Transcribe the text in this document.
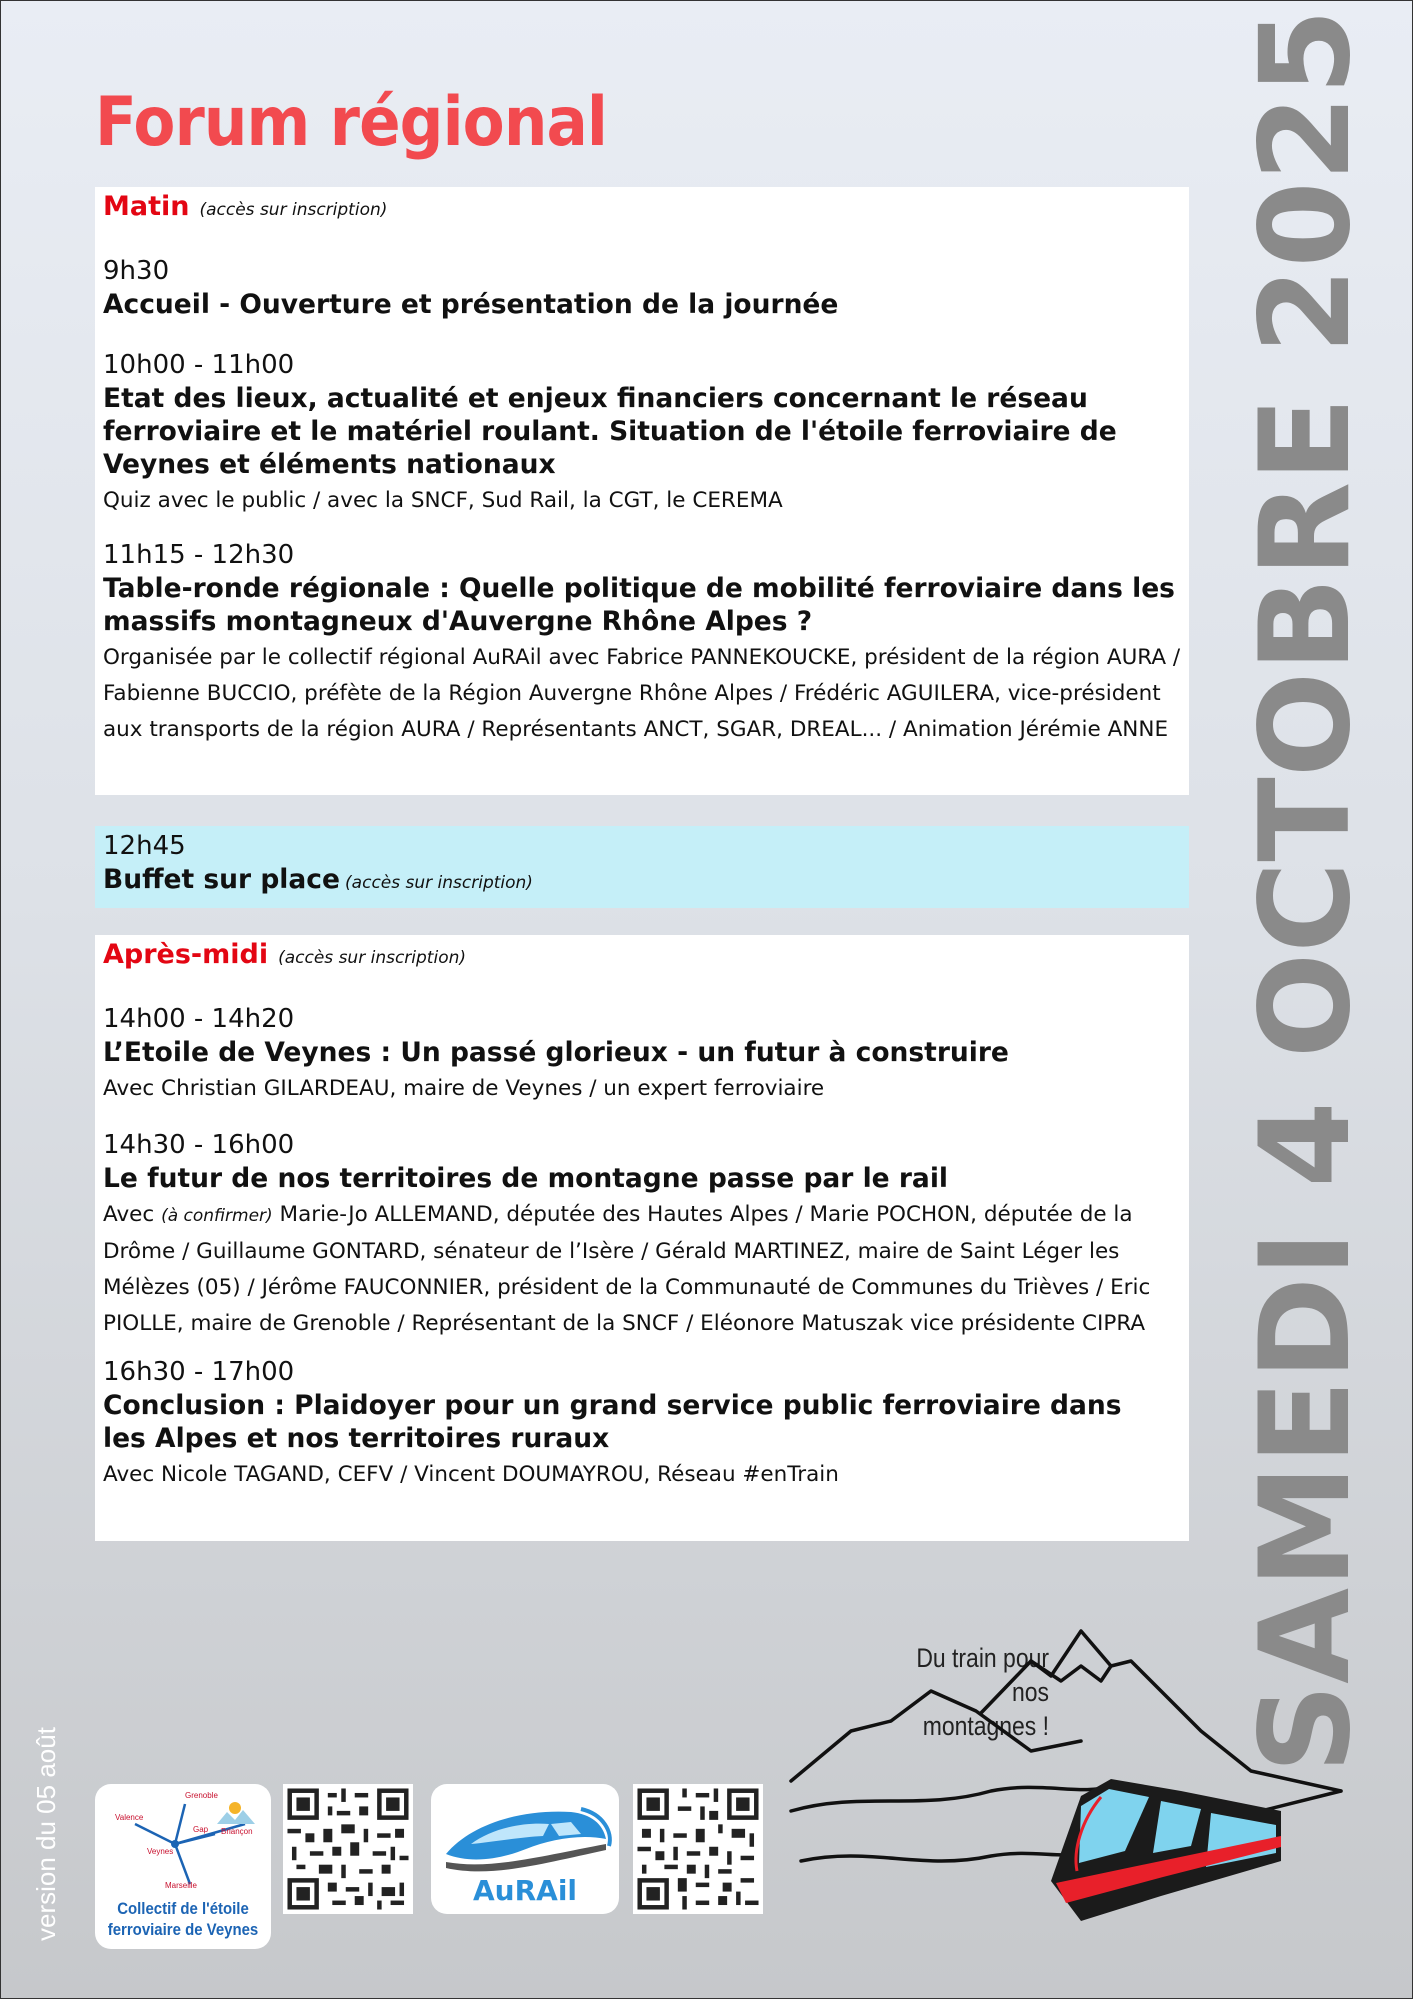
Forum régional	SAMEDI 4 OCTOBRE 2025
version du 05 août
Matin (accès sur inscription)
9h30
Accueil - Ouverture et présentation de la journée
10h00 - 11h00
Etat des lieux, actualité et enjeux financiers concernant le réseau
ferroviaire et le matériel roulant. Situation de l'étoile ferroviaire de
Veynes et éléments nationaux
Quiz avec le public / avec la SNCF, Sud Rail, la CGT, le CEREMA
11h15 - 12h30
Table-ronde régionale : Quelle politique de mobilité ferroviaire dans les
massifs montagneux d'Auvergne Rhône Alpes ?
Organisée par le collectif régional AuRAil avec Fabrice PANNEKOUCKE, président de la région AURA /
Fabienne BUCCIO, préfète de la Région Auvergne Rhône Alpes / Frédéric AGUILERA, vice-président
aux transports de la région AURA / Représentants ANCT, SGAR, DREAL... / Animation Jérémie ANNE
12h45
Buffet sur place (accès sur inscription)
Après-midi (accès sur inscription)
14h00 - 14h20
L’Etoile de Veynes : Un passé glorieux - un futur à construire
Avec Christian GILARDEAU, maire de Veynes / un expert ferroviaire
14h30 - 16h00
Le futur de nos territoires de montagne passe par le rail
Avec (à confirmer) Marie-Jo ALLEMAND, députée des Hautes Alpes / Marie POCHON, députée de la
Drôme / Guillaume GONTARD, sénateur de l’Isère / Gérald MARTINEZ, maire de Saint Léger les
Mélèzes (05) / Jérôme FAUCONNIER, président de la Communauté de Communes du Trièves / Eric
PIOLLE, maire de Grenoble / Représentant de la SNCF / Eléonore Matuszak vice présidente CIPRA
16h30 - 17h00
Conclusion : Plaidoyer pour un grand service public ferroviaire dans
les Alpes et nos territoires ruraux
Avec Nicole TAGAND, CEFV / Vincent DOUMAYROU, Réseau #enTrain
Du train pour
nos montagnes !
Grenoble
Valence
Briançon
Gap
Veynes
Marseille
Collectif de l'étoile
ferroviaire de Veynes
AuRAil
